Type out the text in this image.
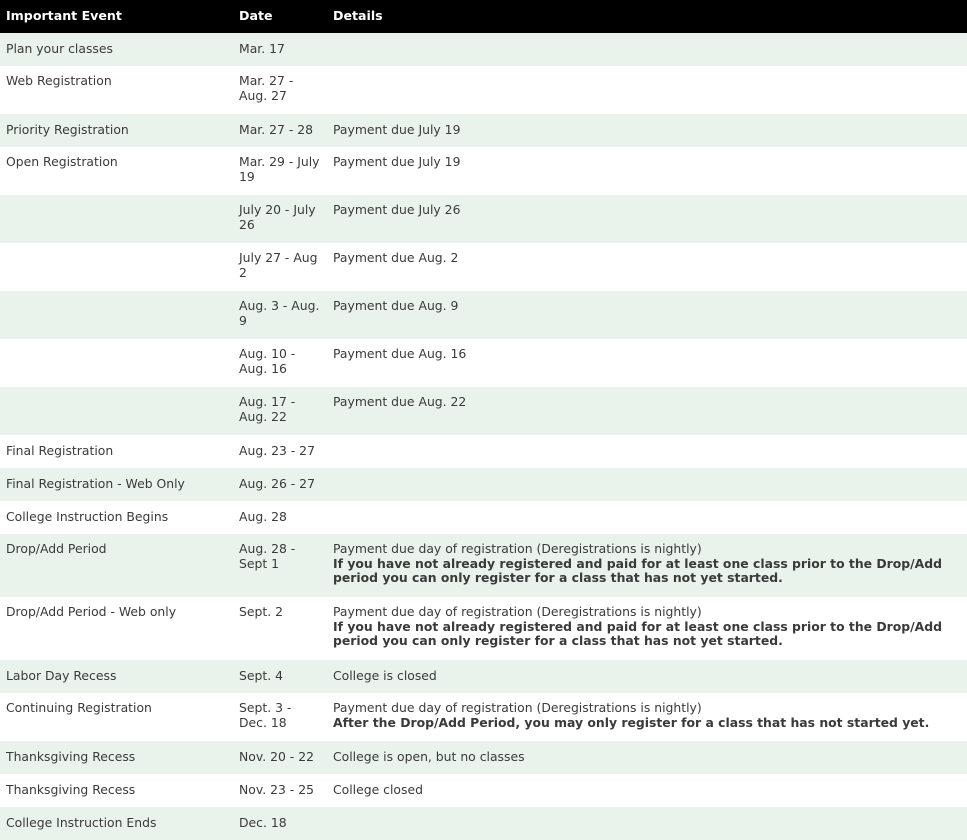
Important Event	Date	Details
Plan your classes	Mar. 17	

Web Registration	Mar. 27 - Aug. 27	

Priority Registration	Mar. 27 - 28	Payment due July 19

Open Registration	Mar. 29 - July 19	Payment due July 19

	July 20 - July 26	Payment due July 26

	July 27 - Aug 2	Payment due Aug. 2

	Aug. 3 - Aug. 9	Payment due Aug. 9

	Aug. 10 - Aug. 16	Payment due Aug. 16

	Aug. 17 - Aug. 22	Payment due Aug. 22

Final Registration	Aug. 23 - 27	

Final Registration - Web Only	Aug. 26 - 27	

College Instruction Begins	Aug. 28	

Drop/Add Period	Aug. 28 - Sept 1	Payment due day of registration (Deregistrations is nightly)
If you have not already registered and paid for at least one class prior to the Drop/Add period you can only register for a class that has not yet started.

Drop/Add Period - Web only	Sept. 2	Payment due day of registration (Deregistrations is nightly)
If you have not already registered and paid for at least one class prior to the Drop/Add period you can only register for a class that has not yet started.

Labor Day Recess	Sept. 4	College is closed

Continuing Registration	Sept. 3 - Dec. 18	Payment due day of registration (Deregistrations is nightly)
After the Drop/Add Period, you may only register for a class that has not started yet.

Thanksgiving Recess	Nov. 20 - 22	College is open, but no classes

Thanksgiving Recess	Nov. 23 - 25	College closed

College Instruction Ends	Dec. 18	
